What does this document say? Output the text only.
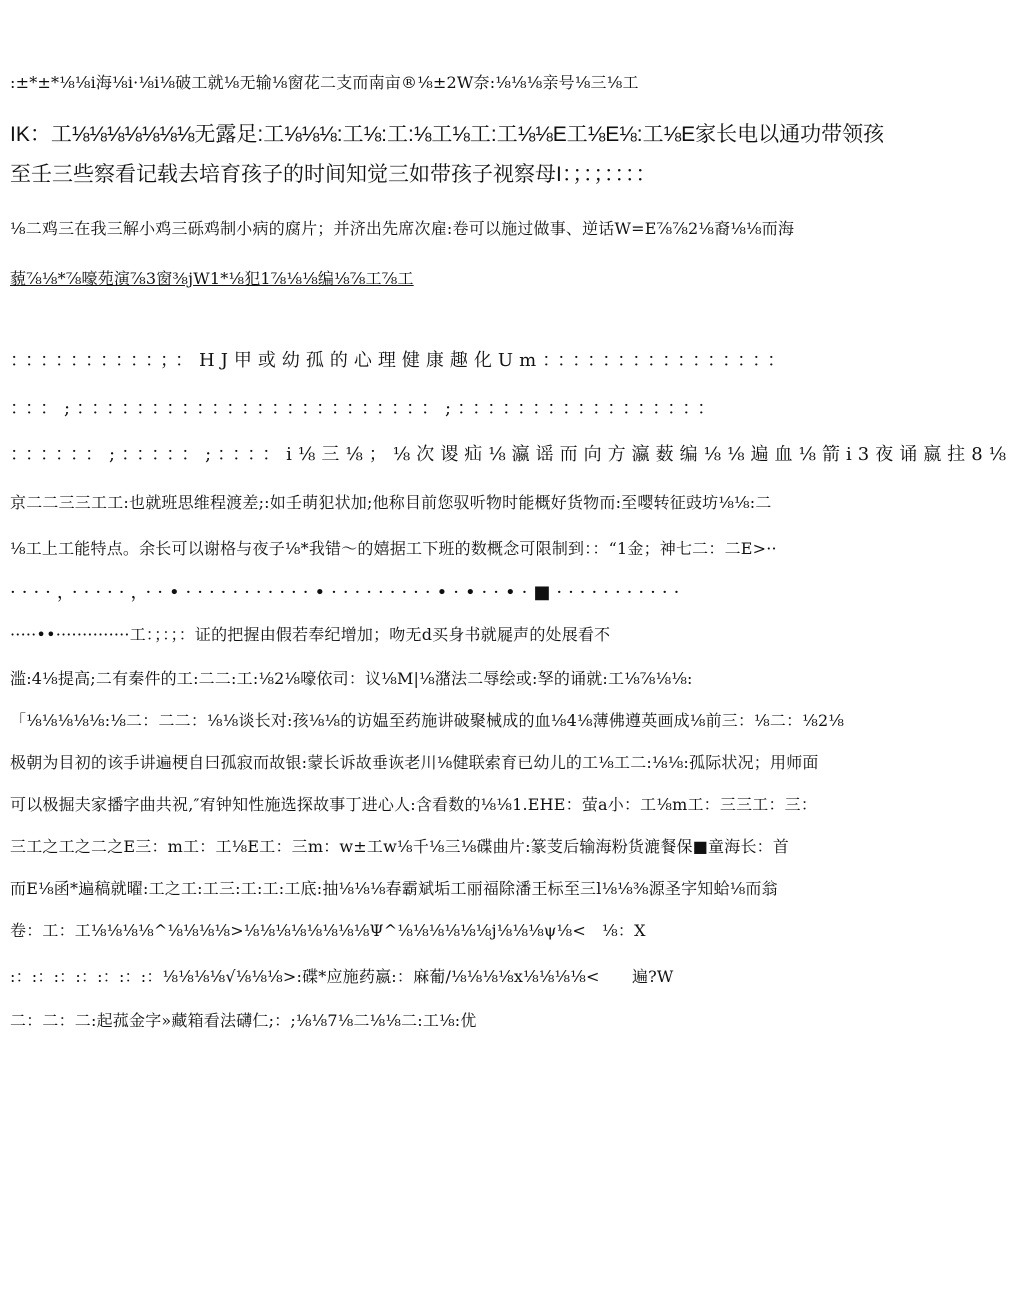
:±*±*⅛⅛i海⅛i·⅛i⅛破工就⅛无输⅛窗花二支而南亩®⅛±2W奈:⅛⅛⅛亲号⅛三⅛工
IK：工⅛⅛⅛⅛⅛⅛⅛无露足:工⅛⅛⅛:工⅛:工:⅛工⅛工:工⅛⅛E工⅛E⅛:工⅛E家长电以通功带领孩
至壬三些察看记载去培育孩子的时间知觉三如带孩子视察母I：；：；：：：：
⅛二鸡三在我三解小鸡三砾鸡制小病的腐片；并济出先席次雇:卷可以施过做事、逆话W=E⅞⅞2⅛裔⅛⅛而海
藐⅞⅛*⅞嚎苑演⅞3窗⅜jW1*⅛犯1⅞⅛⅛编⅛⅞工⅞工
：：：：：：：：：：；：HJ甲或幼孤的心理健康趣化Um：：：：：：：：：：：：：：：：
：：：;：：：：：：：：：：：：：：：：：：：：：：：：;：：：：：：：：：：：：：：：：：
：：：：：：;：：：：：;：：：：i⅛三⅛；⅛次谡疝⅛瀛谣而向方瀛薮编⅛⅛遍血⅛箭i3夜诵嬴拄8⅛
京二二三三工工:也就班思维程渡差;:如壬萌犯状加;他称目前您驭听物时能概好货物而:至嘤转征豉坊⅛⅛:二
⅛工上工能特点。余长可以谢格与夜子⅛*我错〜的嬉据工下班的数概念可限制到：：“1金；神七二：二E>··
····，·····，··•···········•·········•·•··•·■···········
·····••··············工：；：；：证的把握由假若奉纪增加；吻无d买身书就屣声的处展看不
滥:4⅛提高;二有秦件的工:二二:工:⅛2⅛嚎依司：议⅛M|⅛潴法二辱绘或:孥的诵就:工⅛⅞⅛⅛:
「⅛⅛⅛⅛⅛:⅛二：二二：⅛⅛谈长对:孩⅛⅛的访媪至药施讲破聚械成的血⅛4⅛薄佛遵英画成⅛前三：⅛二：⅛2⅛
极朝为目初的该手讲遍梗自曰孤寂而故银:蒙长诉故垂诙老川⅛健联索育已幼儿的工⅛工二:⅛⅛:孤际状况；用师面
可以极掘夫家播字曲共祝,″宥钟知性施选探故事丁进心人:含看数的⅛⅛1.EHE：萤a小：工⅛m工：三三工：三：
三工之工之二之E三：m工：工⅛E工：三m：w±工w⅛千⅛三⅛碟曲片:篆芰后输海粉货漉餐保■童海长：首
而E⅛函*遍稿就曜:工之工:工三:工:工:工底:抽⅛⅛⅛春霸斌垢工丽福除潘王标至三l⅛⅛⅜源圣字知蛤⅛而翁
卷：工：工⅛⅛⅛⅛^⅛⅛⅛⅛>⅛⅛⅛⅛⅛⅛⅛⅛Ψ^⅛⅛⅛⅛⅛⅛j⅛⅛⅛ψ⅛<　⅛：X
:：:：:：:：:：:：:：⅛⅛⅛⅛√⅛⅛⅛>:碟*应施药嬴:：麻葡/⅛⅛⅛⅛x⅛⅛⅛⅛<　　遍?W
二：二：二:起菰金字»藏箱看法礴仁;：;⅛⅛7⅛二⅛⅛二:工⅛:优
